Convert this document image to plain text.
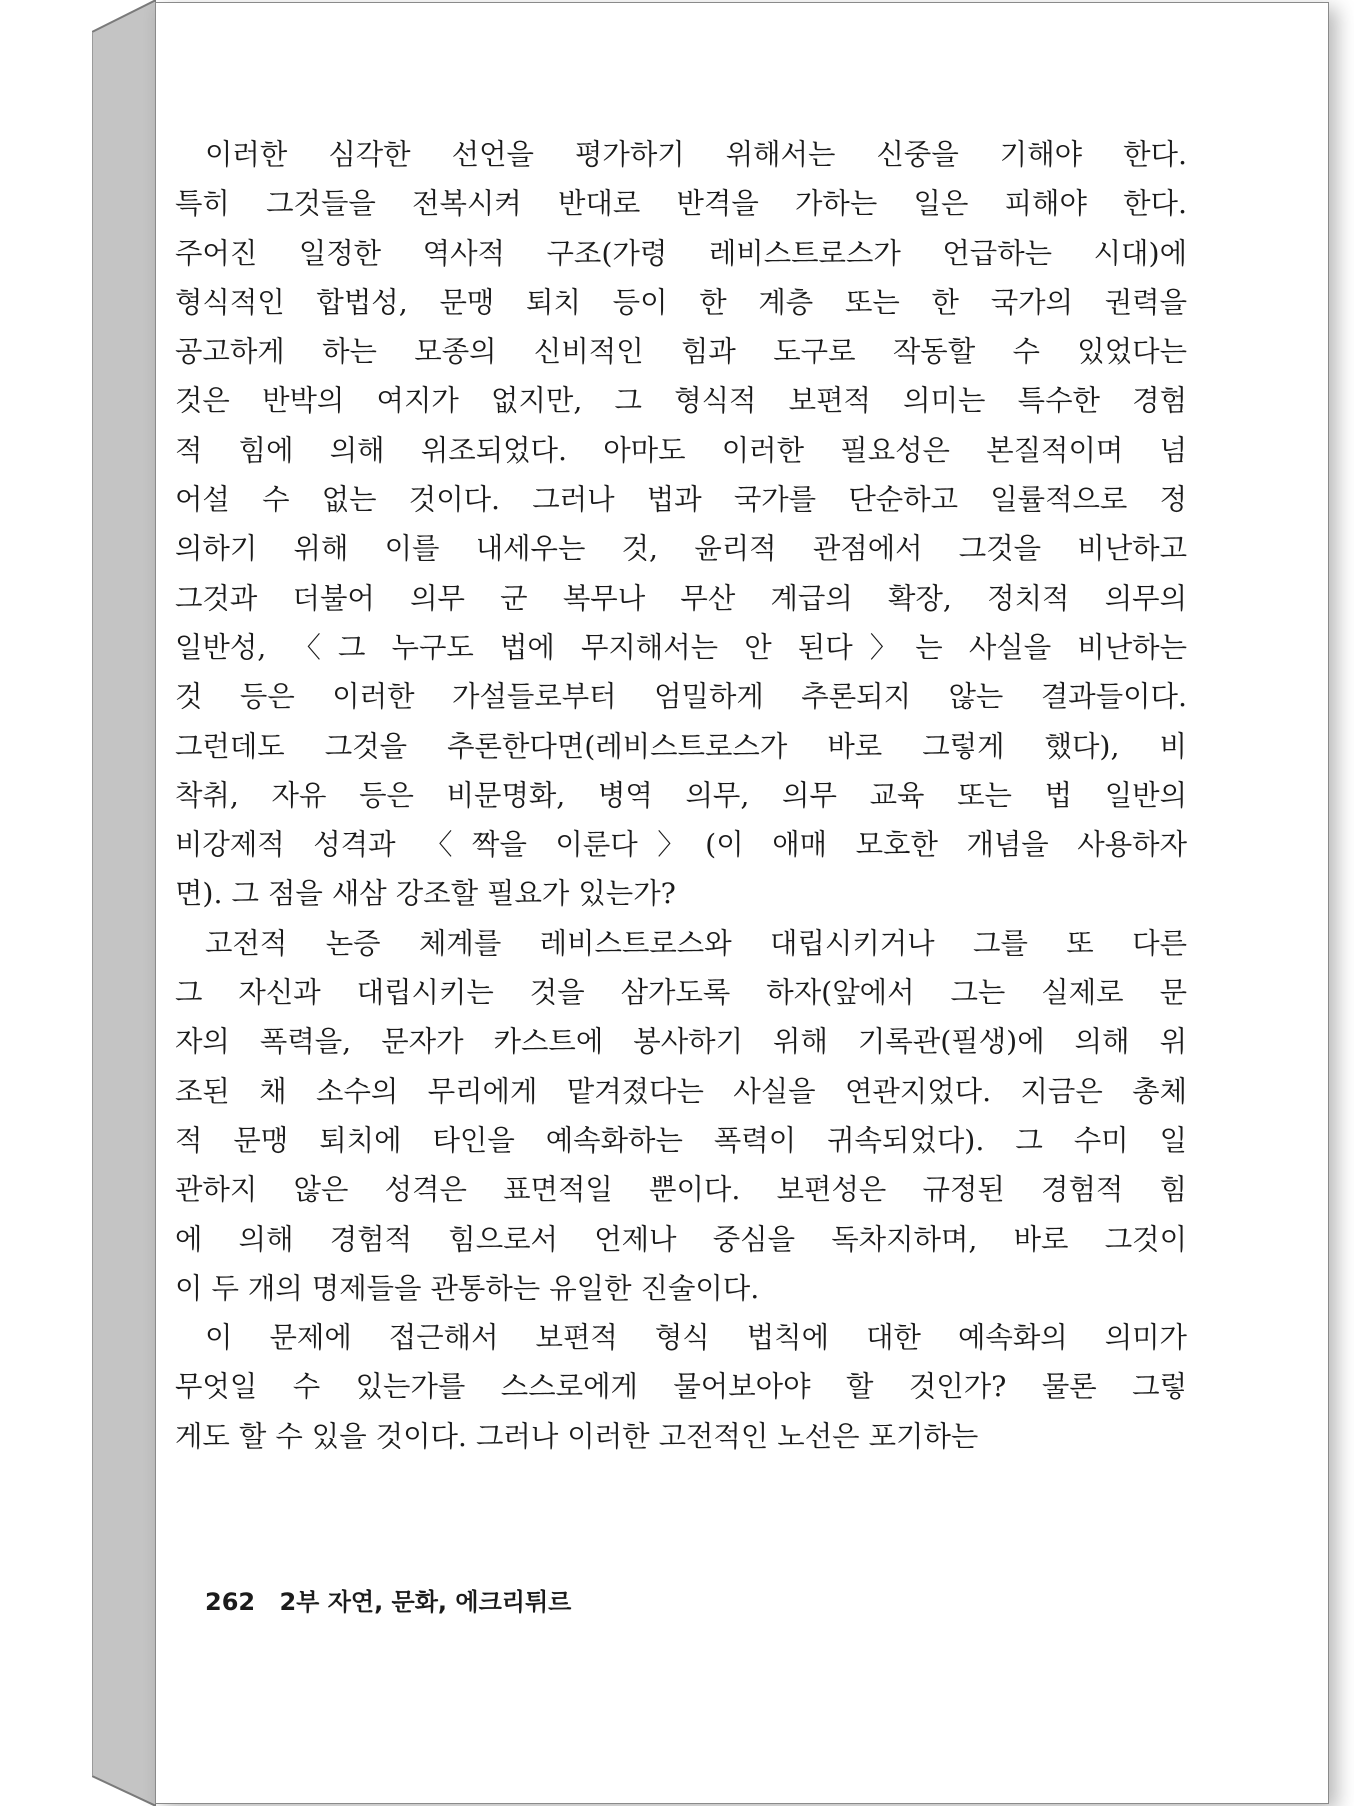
이러한 심각한 선언을 평가하기 위해서는 신중을 기해야 한다.
특히 그것들을 전복시켜 반대로 반격을 가하는 일은 피해야 한다.
주어진 일정한 역사적 구조(가령 레비스트로스가 언급하는 시대)에
형식적인 합법성, 문맹 퇴치 등이 한 계층 또는 한 국가의 권력을
공고하게 하는 모종의 신비적인 힘과 도구로 작동할 수 있었다는
것은 반박의 여지가 없지만, 그 형식적 보편적 의미는 특수한 경험
적 힘에 의해 위조되었다. 아마도 이러한 필요성은 본질적이며 넘
어설 수 없는 것이다. 그러나 법과 국가를 단순하고 일률적으로 정
의하기 위해 이를 내세우는 것, 윤리적 관점에서 그것을 비난하고
그것과 더불어 의무 군 복무나 무산 계급의 확장, 정치적 의무의
일반성, 〈그 누구도 법에 무지해서는 안 된다〉는 사실을 비난하는
것 등은 이러한 가설들로부터 엄밀하게 추론되지 않는 결과들이다.
그런데도 그것을 추론한다면(레비스트로스가 바로 그렇게 했다), 비
착취, 자유 등은 비문명화, 병역 의무, 의무 교육 또는 법 일반의
비강제적 성격과 〈짝을 이룬다〉(이 애매 모호한 개념을 사용하자
면). 그 점을 새삼 강조할 필요가 있는가?
고전적 논증 체계를 레비스트로스와 대립시키거나 그를 또 다른
그 자신과 대립시키는 것을 삼가도록 하자(앞에서 그는 실제로 문
자의 폭력을, 문자가 카스트에 봉사하기 위해 기록관(필생)에 의해 위
조된 채 소수의 무리에게 맡겨졌다는 사실을 연관지었다. 지금은 총체
적 문맹 퇴치에 타인을 예속화하는 폭력이 귀속되었다). 그 수미 일
관하지 않은 성격은 표면적일 뿐이다. 보편성은 규정된 경험적 힘
에 의해 경험적 힘으로서 언제나 중심을 독차지하며, 바로 그것이
이 두 개의 명제들을 관통하는 유일한 진술이다.
이 문제에 접근해서 보편적 형식 법칙에 대한 예속화의 의미가
무엇일 수 있는가를 스스로에게 물어보아야 할 것인가? 물론 그렇
게도 할 수 있을 것이다. 그러나 이러한 고전적인 노선은 포기하는
262 2부 자연, 문화, 에크리튀르
